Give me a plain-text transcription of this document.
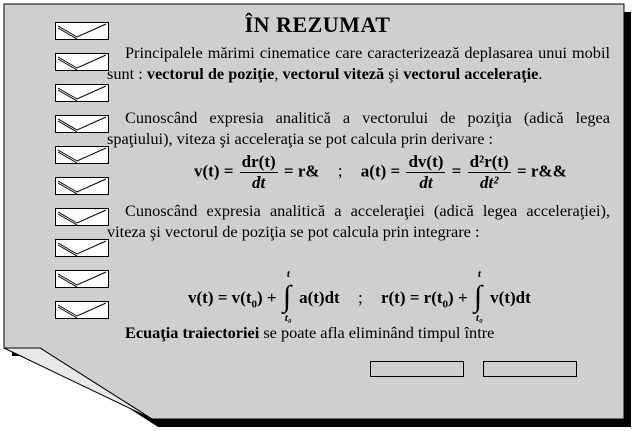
ÎN REZUMAT
Principalele mărimi cinematice care caracterizează deplasarea unui mobil sunt : vectorul de poziţie, vectorul viteză şi vectorul acceleraţie.
Cunoscând expresia analitică a vectorului de poziţia (adică legea spaţiului), viteza şi acceleraţia se pot calcula prin derivare :
$v(t) = \frac{dr(t)}{dt}$ = r& ; $a(t) = \frac{dv(t)}{dt} = \frac{\text{d²r(t)}}{\text{dt²}}$ = r&&
Cunoscând expresia analitică a acceleraţiei (adică legea acceleraţiei), viteza şi vectorul de poziţia se pot calcula prin integrare :
$v(t) = v(t_0)$ +
t
∫
t₀
a(t)dt ; $r(t) = r(t_0)$ +
t
∫
t₀
v(t)dt
Ecuaţia traiectoriei se poate afla eliminând timpul între
